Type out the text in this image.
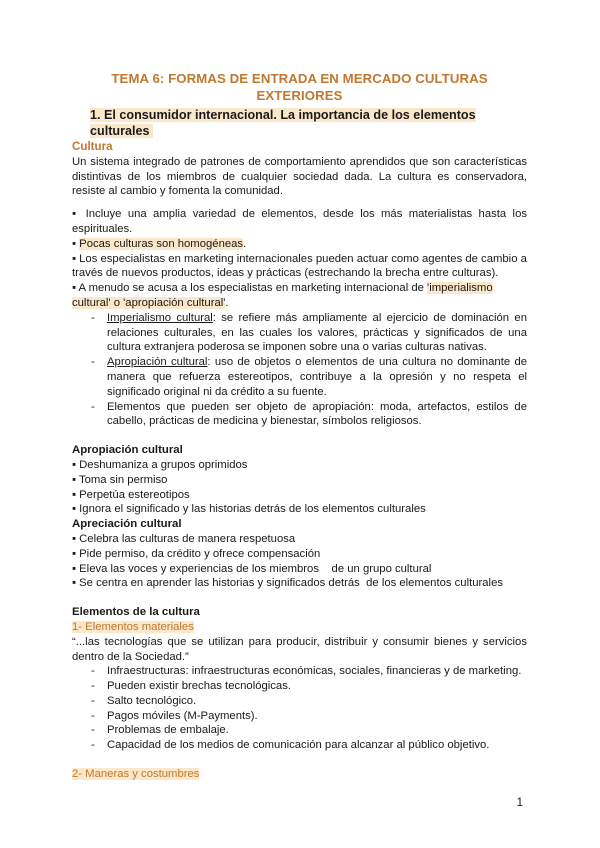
TEMA 6: FORMAS DE ENTRADA EN MERCADO CULTURAS EXTERIORES
1. El consumidor internacional. La importancia de los elementos culturales
Cultura

Un sistema integrado de patrones de comportamiento aprendidos que son características distintivas de los miembros de cualquier sociedad dada. La cultura es conservadora, resiste al cambio y fomenta la comunidad.

▪ Incluye una amplia variedad de elementos, desde los más materialistas hasta los espirituales.

▪ Pocas culturas son homogéneas.

▪ Los especialistas en marketing internacionales pueden actuar como agentes de cambio a través de nuevos productos, ideas y prácticas (estrechando la brecha entre culturas).

▪ A menudo se acusa a los especialistas en marketing internacional de 'imperialismo cultural' o 'apropiación cultural'.

- Imperialismo cultural: se refiere más ampliamente al ejercicio de dominación en relaciones culturales, en las cuales los valores, prácticas y significados de una cultura extranjera poderosa se imponen sobre una o varias culturas nativas.
- Apropiación cultural: uso de objetos o elementos de una cultura no dominante de manera que refuerza estereotipos, contribuye a la opresión y no respeta el significado original ni da crédito a su fuente.
- Elementos que pueden ser objeto de apropiación: moda, artefactos, estilos de cabello, prácticas de medicina y bienestar, símbolos religiosos.
Apropiación cultural

▪ Deshumaniza a grupos oprimidos

▪ Toma sin permiso

▪ Perpetúa estereotipos

▪ Ignora el significado y las historias detrás de los elementos culturales

Apreciación cultural

▪ Celebra las culturas de manera respetuosa

▪ Pide permiso, da crédito y ofrece compensación

▪ Eleva las voces y experiencias de los miembros    de un grupo cultural

▪ Se centra en aprender las historias y significados detrás  de los elementos culturales

Elementos de la cultura
1- Elementos materiales

“...las tecnologías que se utilizan para producir, distribuir y consumir bienes y servicios dentro de la Sociedad.”

- Infraestructuras: infraestructuras económicas, sociales, financieras y de marketing.
- Pueden existir brechas tecnológicas.
- Salto tecnológico.
- Pagos móviles (M-Payments).
- Problemas de embalaje.
- Capacidad de los medios de comunicación para alcanzar al público objetivo.
2- Maneras y costumbres
1
